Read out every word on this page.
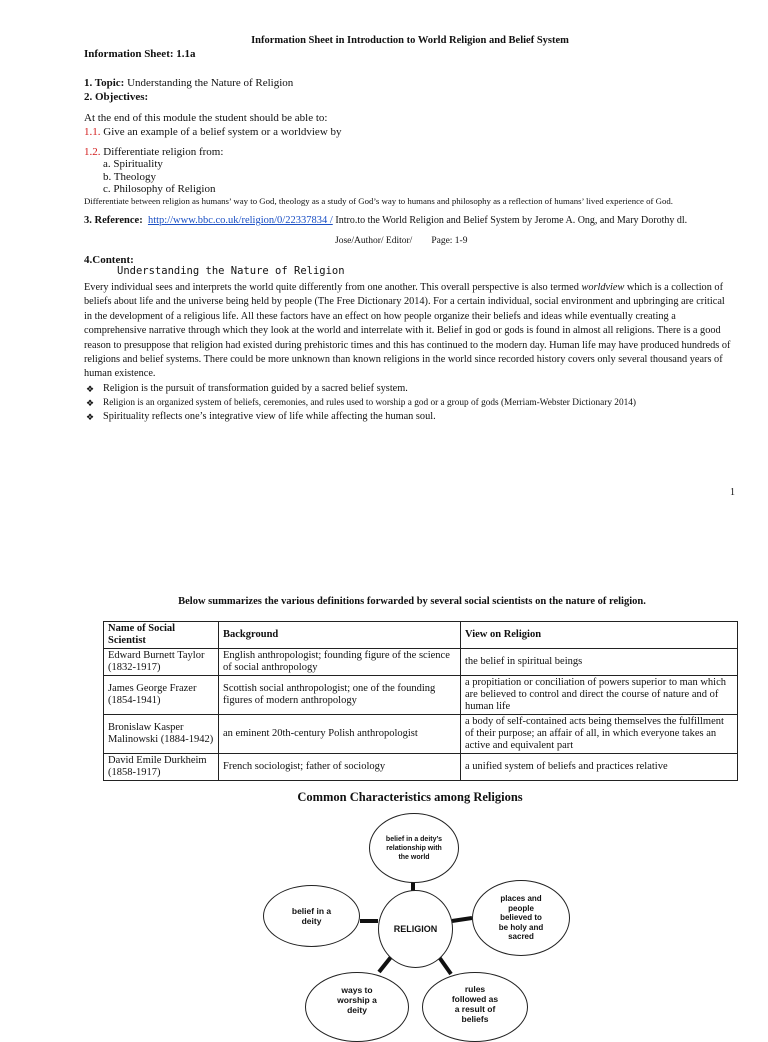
Information Sheet in Introduction to World Religion and Belief System
Information Sheet: 1.1a
1. Topic: Understanding the Nature of Religion
2. Objectives:
At the end of this module the student should be able to:
1.1. Give an example of a belief system or a worldview by
1.2. Differentiate religion from:
a. Spirituality
b. Theology
c. Philosophy of Religion
Differentiate between religion as humans’ way to God, theology as a study of God’s way to humans and philosophy as a reflection of humans’ lived experience of God.
3. Reference: http://www.bbc.co.uk/religion/0/22337834 / Intro.to the World Religion and Belief System by Jerome A. Ong, and Mary Dorothy dl.
Jose/Author/ Editor/        Page: 1-9
4.Content:
Understanding the Nature of Religion

Every individual sees and interprets the world quite differently from one another. This overall perspective is also termed worldview which is a collection of beliefs about life and the universe being held by people (The Free Dictionary 2014). For a certain individual, social environment and upbringing are critical in the development of a religious life. All these factors have an effect on how people organize their beliefs and ideas while eventually creating a comprehensive narrative through which they look at the world and interrelate with it. Belief in god or gods is found in almost all religions. There is a good reason to presuppose that religion had existed during prehistoric times and this has continued to the modern day. Human life may have produced hundreds of religions and belief systems. There could be more unknown than known religions in the world since recorded history covers only several thousand years of human existence.

❖ Religion is the pursuit of transformation guided by a sacred belief system.
❖ Religion is an organized system of beliefs, ceremonies, and rules used to worship a god or a group of gods (Merriam-Webster Dictionary 2014)
❖ Spirituality reflects one’s integrative view of life while affecting the human soul.
1
Below summarizes the various definitions forwarded by several social scientists on the nature of religion.
Name of Social Scientist	Background	View on Religion
Edward Burnett Taylor (1832-1917)	English anthropologist; founding figure of the science of social anthropology	the belief in spiritual beings
James George Frazer (1854-1941)	Scottish social anthropologist; one of the founding figures of modern anthropology	a propitiation or conciliation of powers superior to man which are believed to control and direct the course of nature and of human life
Bronislaw Kasper Malinowski (1884-1942)	an eminent 20th-century Polish anthropologist	a body of self-contained acts being themselves the fulfillment of their purpose; an affair of all, in which everyone takes an active and equivalent part
David Emile Durkheim (1858-1917)	French sociologist; father of sociology	a unified system of beliefs and practices relative
Common Characteristics among Religions
belief in a deity’s relationship with the world
belief in a deity
RELIGION
places and people believed to be holy and sacred
ways to worship a deity
rules followed as a result of beliefs
